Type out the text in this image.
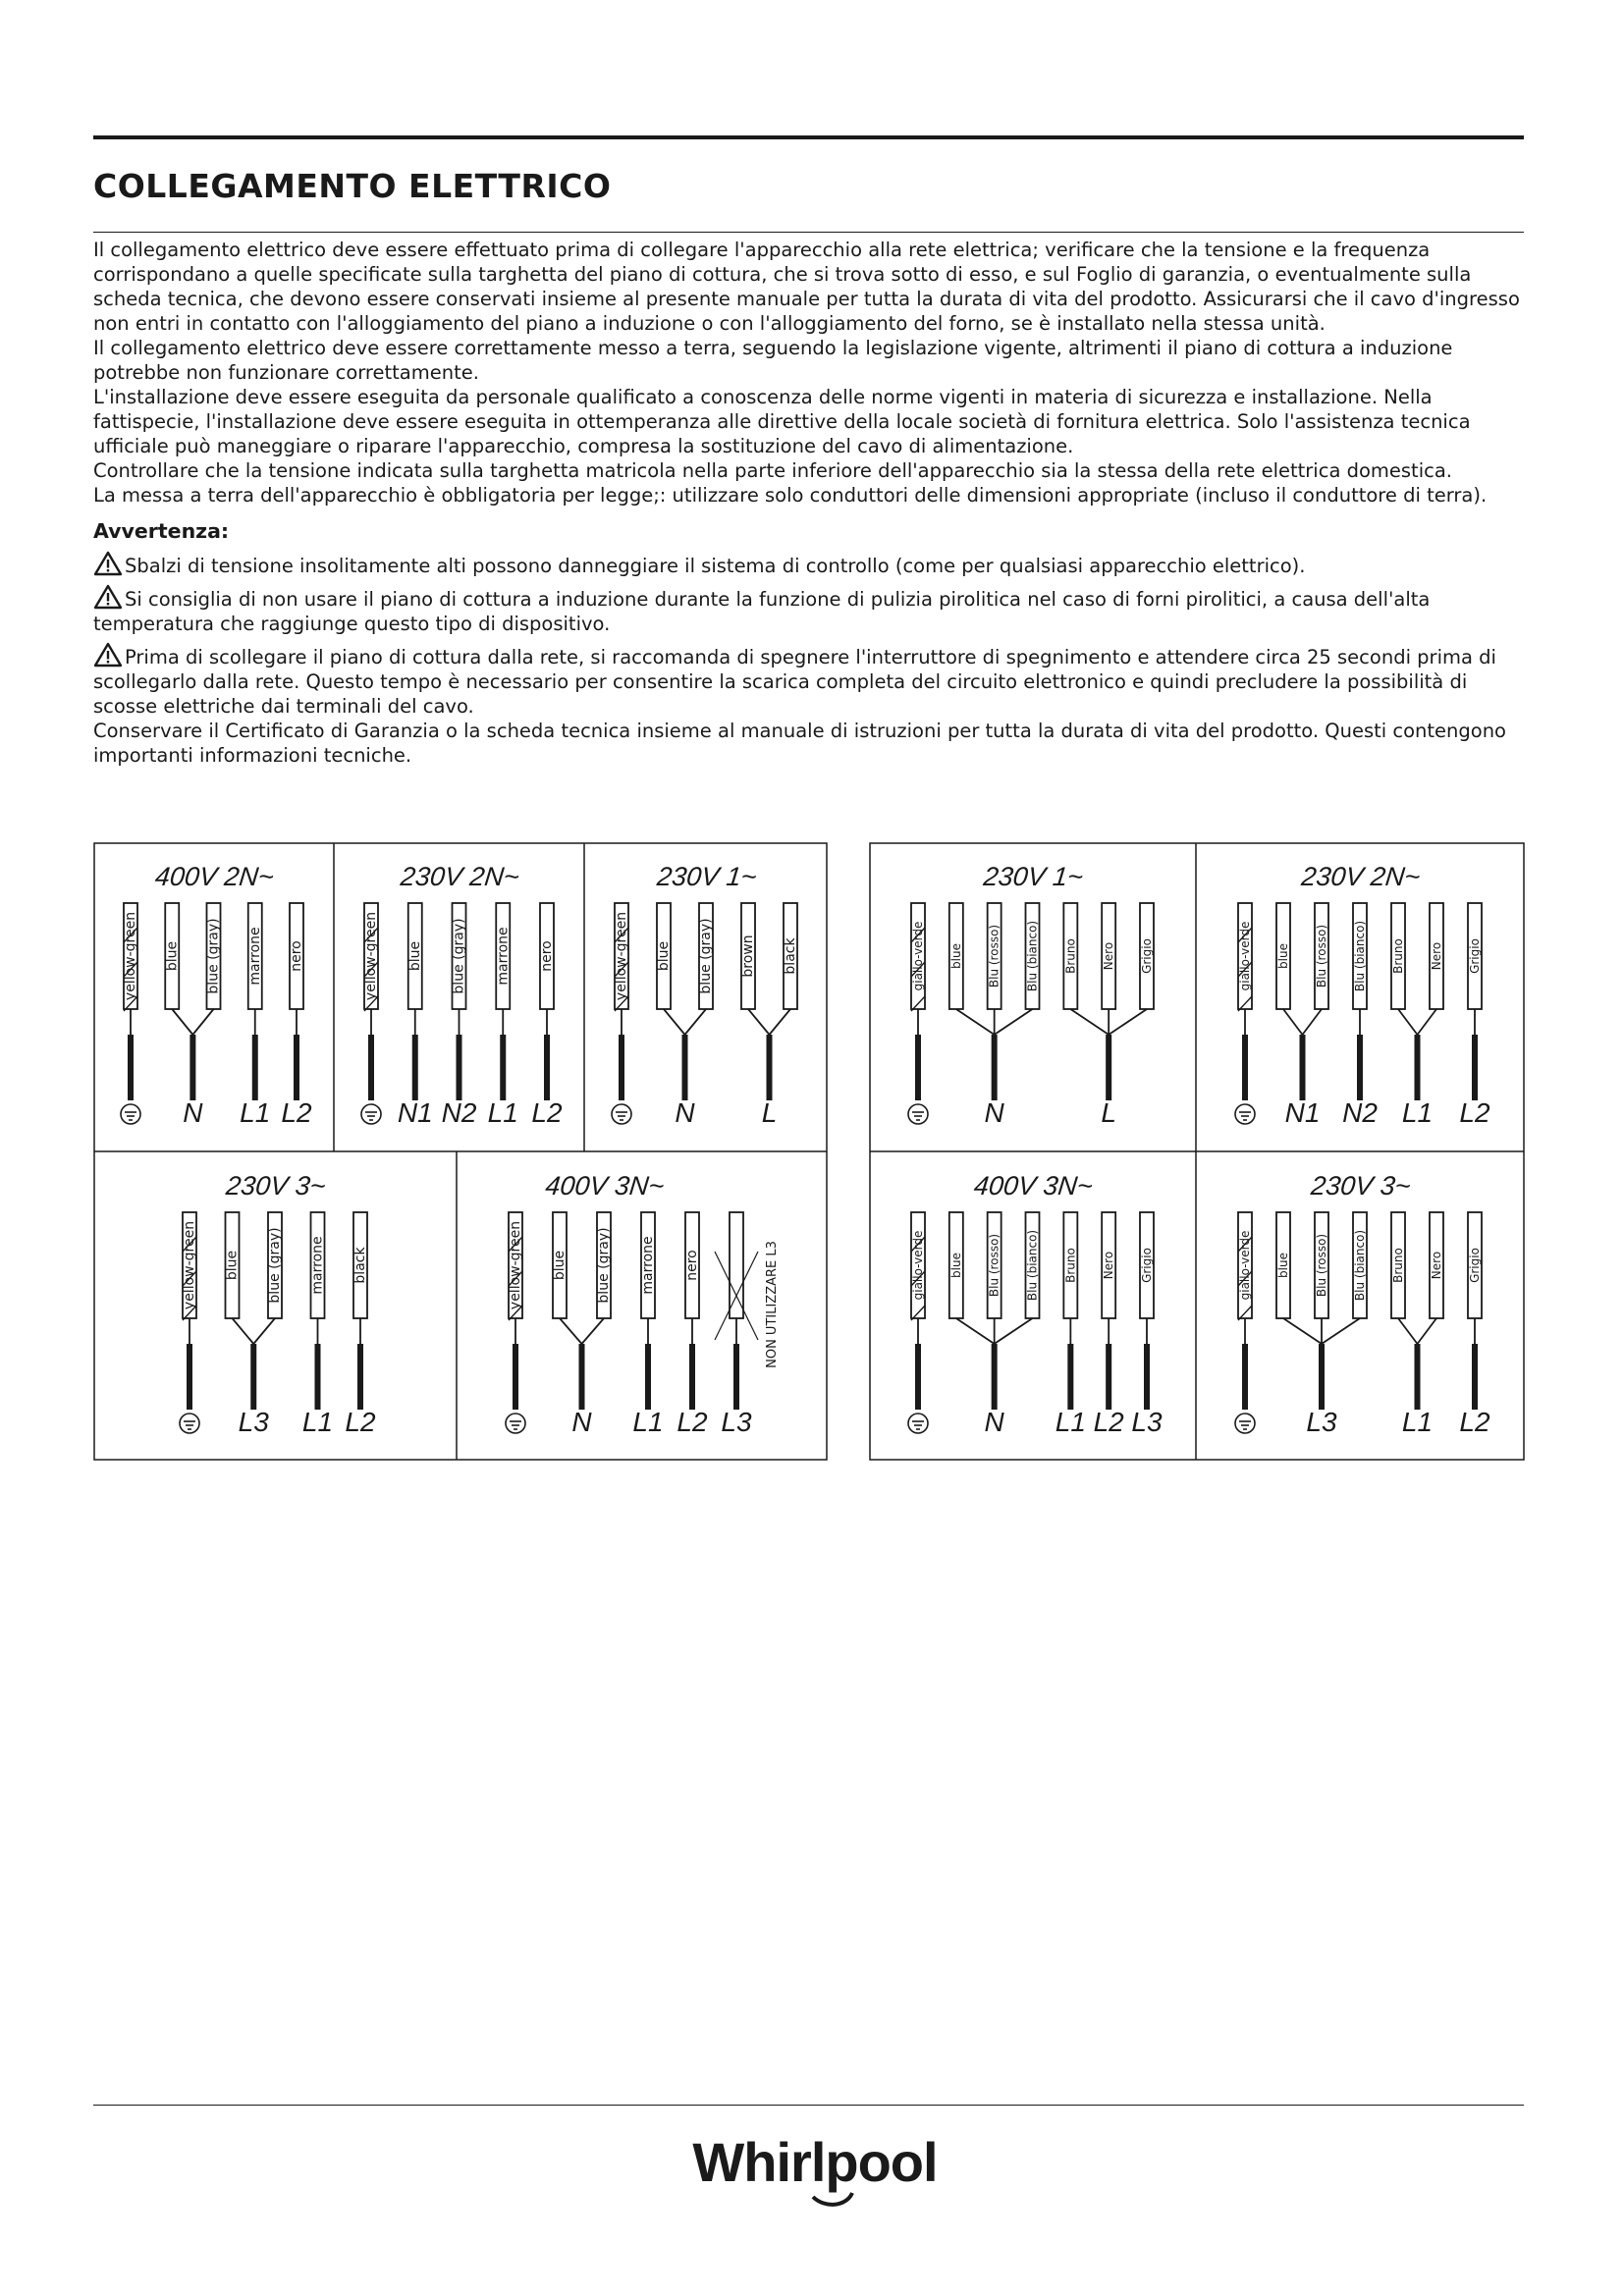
COLLEGAMENTO ELETTRICO

Il collegamento elettrico deve essere effettuato prima di collegare l'apparecchio alla rete elettrica; verificare che la tensione e la frequenza corrispondano a quelle specificate sulla targhetta del piano di cottura, che si trova sotto di esso, e sul Foglio di garanzia, o eventualmente sulla scheda tecnica, che devono essere conservati insieme al presente manuale per tutta la durata di vita del prodotto. Assicurarsi che il cavo d'ingresso non entri in contatto con l'alloggiamento del piano a induzione o con l'alloggiamento del forno, se è installato nella stessa unità.

Il collegamento elettrico deve essere correttamente messo a terra, seguendo la legislazione vigente, altrimenti il piano di cottura a induzione potrebbe non funzionare correttamente.

L'installazione deve essere eseguita da personale qualificato a conoscenza delle norme vigenti in materia di sicurezza e installazione. Nella fattispecie, l'installazione deve essere eseguita in ottemperanza alle direttive della locale società di fornitura elettrica. Solo l'assistenza tecnica ufficiale può maneggiare o riparare l'apparecchio, compresa la sostituzione del cavo di alimentazione.

Controllare che la tensione indicata sulla targhetta matricola nella parte inferiore dell'apparecchio sia la stessa della rete elettrica domestica.

La messa a terra dell'apparecchio è obbligatoria per legge;: utilizzare solo conduttori delle dimensioni appropriate (incluso il conduttore di terra).

Avvertenza:

Sbalzi di tensione insolitamente alti possono danneggiare il sistema di controllo (come per qualsiasi apparecchio elettrico).

Si consiglia di non usare il piano di cottura a induzione durante la funzione di pulizia pirolitica nel caso di forni pirolitici, a causa dell'alta temperatura che raggiunge questo tipo di dispositivo.

Prima di scollegare il piano di cottura dalla rete, si raccomanda di spegnere l'interruttore di spegnimento e attendere circa 25 secondi prima di scollegarlo dalla rete. Questo tempo è necessario per consentire la scarica completa del circuito elettronico e quindi precludere la possibilità di scosse elettriche dai terminali del cavo.

Conservare il Certificato di Garanzia o la scheda tecnica insieme al manuale di istruzioni per tutta la durata di vita del prodotto. Questi contengono importanti informazioni tecniche.

400V 2N~
yellow-green blue blue (gray) marrone nero
N L1 L2
230V 2N~
yellow-green blue blue (gray) marrone nero
N1 N2 L1 L2
230V 1~
yellow-green blue blue (gray) brown black
N L
230V 3~
yellow-green blue blue (gray) marrone black
L3 L1 L2
400V 3N~
yellow-green blue blue (gray) marrone nero
N L1 L2 L3
NON UTILIZZARE L3
230V 1~
giallo-verde blue Blu (rosso) Blu (bianco) Bruno Nero Grigio
N	L
230V 2N~
giallo-verde blue Blu (rosso) Blu (bianco) Bruno Nero Grigio
N1 N2 L1 L2
400V 3N~
giallo-verde blue Blu (rosso) Blu (bianco) Bruno Nero Grigio
N L1 L2 L3
230V 3~
giallo-verde blue Blu (rosso) Blu (bianco) Bruno Nero Grigio
L3 L1 L2
Whirlpool
